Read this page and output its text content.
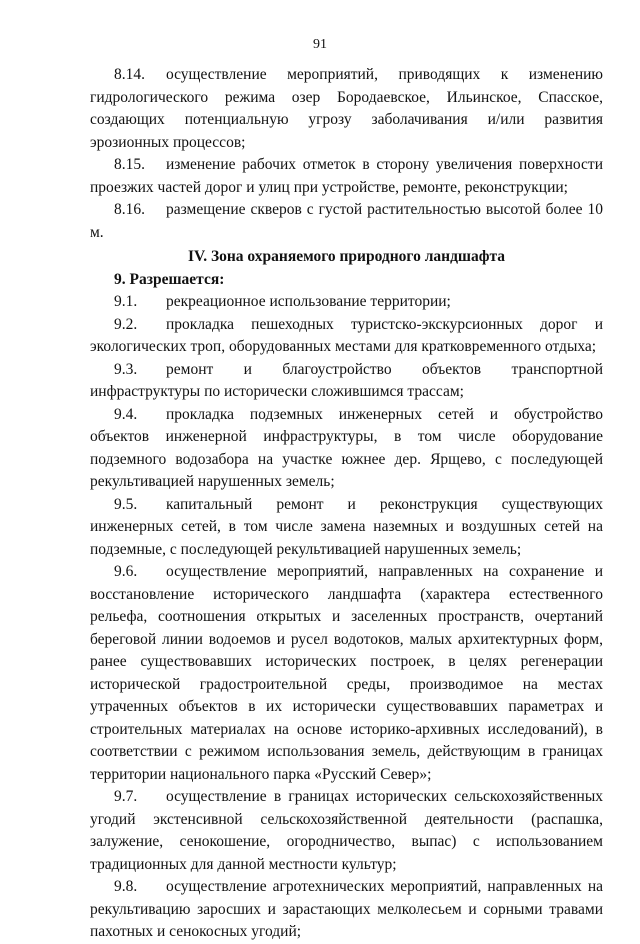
91

8.14. осуществление мероприятий, приводящих к изменению гидрологического режима озер Бородаевское, Ильинское, Спасское, создающих потенциальную угрозу заболачивания и/или развития эрозионных процессов;

8.15. изменение рабочих отметок в сторону увеличения поверхности проезжих частей дорог и улиц при устройстве, ремонте, реконструкции;

8.16. размещение скверов с густой растительностью высотой более 10 м.

IV. Зона охраняемого природного ландшафта

9. Разрешается:

9.1. рекреационное использование территории;

9.2. прокладка пешеходных туристско-экскурсионных дорог и экологических троп, оборудованных местами для кратковременного отдыха;

9.3. ремонт и благоустройство объектов транспортной инфраструктуры по исторически сложившимся трассам;

9.4. прокладка подземных инженерных сетей и обустройство объектов инженерной инфраструктуры, в том числе оборудование подземного водозабора на участке южнее дер. Ярщево, с последующей рекультивацией нарушенных земель;

9.5. капитальный ремонт и реконструкция существующих инженерных сетей, в том числе замена наземных и воздушных сетей на подземные, с последующей рекультивацией нарушенных земель;

9.6. осуществление мероприятий, направленных на сохранение и восстановление исторического ландшафта (характера естественного рельефа, соотношения открытых и заселенных пространств, очертаний береговой линии водоемов и русел водотоков, малых архитектурных форм, ранее существовавших исторических построек, в целях регенерации исторической градостроительной среды, производимое на местах утраченных объектов в их исторически существовавших параметрах и строительных материалах на основе историко-архивных исследований), в соответствии с режимом использования земель, действующим в границах территории национального парка «Русский Север»;

9.7. осуществление в границах исторических сельскохозяйственных угодий экстенсивной сельскохозяйственной деятельности (распашка, залужение, сенокошение, огородничество, выпас) с использованием традиционных для данной местности культур;

9.8. осуществление агротехнических мероприятий, направленных на рекультивацию заросших и зарастающих мелколесьем и сорными травами пахотных и сенокосных угодий;
